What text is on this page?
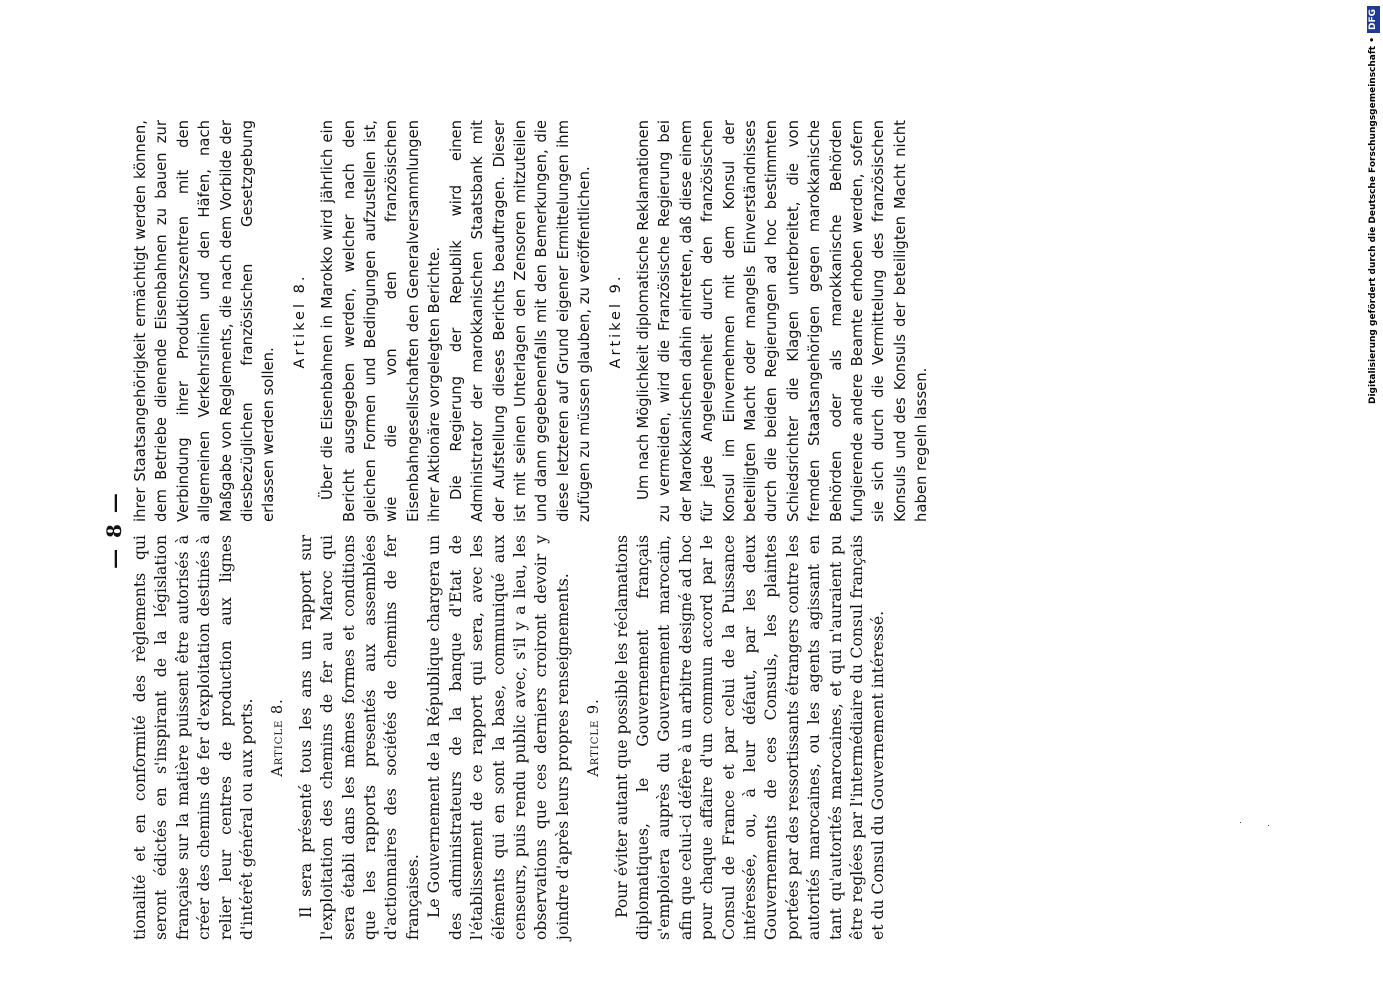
— 8 —

tionalité et en conformité des règlements qui seront édictés en s'inspirant de la législation française sur la matière puissent être autorisés à créer des chemins de fer d'exploitation destinés à relier leur centres de production aux lignes d'intérêt général ou aux ports. Article 8. Il sera présenté tous les ans un rapport sur l'exploitation des chemins de fer au Maroc qui sera établi dans les mêmes formes et conditions que les rapports presentés aux assemblées d'actionnaires des sociétés de chemins de fer françaises. Le Gouvernement de la République chargera un des administrateurs de la banque d'Etat de l'établissement de ce rapport qui sera, avec les éléments qui en sont la base, communiqué aux censeurs, puis rendu public avec, s'il y a lieu, les observations que ces derniers croiront devoir y joindre d'après leurs propres renseignements. Article 9. Pour éviter autant que possible les réclamations diplomatiques, le Gouvernement français s'emploiera auprès du Gouvernement marocain, afin que celui-ci défère à un arbitre designé ad hoc pour chaque affaire d'un commun accord par le Consul de France et par celui de la Puissance intéressée, ou, à leur défaut, par les deux Gouvernements de ces Consuls, les plaintes portées par des ressortissants étrangers contre les autorités marocaines, ou les agents agissant en tant qu'autorités marocaines, et qui n'auraient pu être reglées par l'intermédiaire du Consul français et du Consul du Gouvernement intéressé.

ihrer Staatsangehörigkeit ermächtigt werden können, dem Betriebe dienende Eisenbahnen zu bauen zur Verbindung ihrer Produktionszentren mit den allgemeinen Verkehrslinien und den Häfen, nach Maßgabe von Reglements, die nach dem Vorbilde der diesbezüglichen französischen Gesetzgebung erlassen werden sollen.

Artikel 8. Über die Eisenbahnen in Marokko wird jährlich ein Bericht ausgegeben werden, welcher nach den gleichen Formen und Bedingungen aufzustellen ist, wie die von den französischen Eisenbahngesellschaften den Generalversammlungen ihrer Aktionäre vorgelegten Berichte. Die Regierung der Republik wird einen Administrator der marokkanischen Staatsbank mit der Aufstellung dieses Berichts beauftragen. Dieser ist mit seinen Unterlagen den Zensoren mitzuteilen und dann gegebenenfalls mit den Bemerkungen, die diese letzteren auf Grund eigener Ermittelungen ihm zufügen zu müssen glauben, zu veröffentlichen. Artikel 9. Um nach Möglichkeit diplomatische Reklamationen zu vermeiden, wird die Französische Regierung bei der Marokkanischen dahin eintreten, daß diese einem für jede Angelegenheit durch den französischen Konsul im Einvernehmen mit dem Konsul der beteiligten Macht oder mangels Einverständnisses durch die beiden Regierungen ad hoc bestimmten Schiedsrichter die Klagen unterbreitet, die von fremden Staatsangehörigen gegen marokkanische Behörden oder als marokkanische Behörden fungierende andere Beamte erhoben werden, sofern sie sich durch die Vermittelung des französischen Konsuls und des Konsuls der beteiligten Macht nicht haben regeln lassen.

Digitalisierung gefördert durch die Deutsche Forschungsgemeinschaft •DFG
